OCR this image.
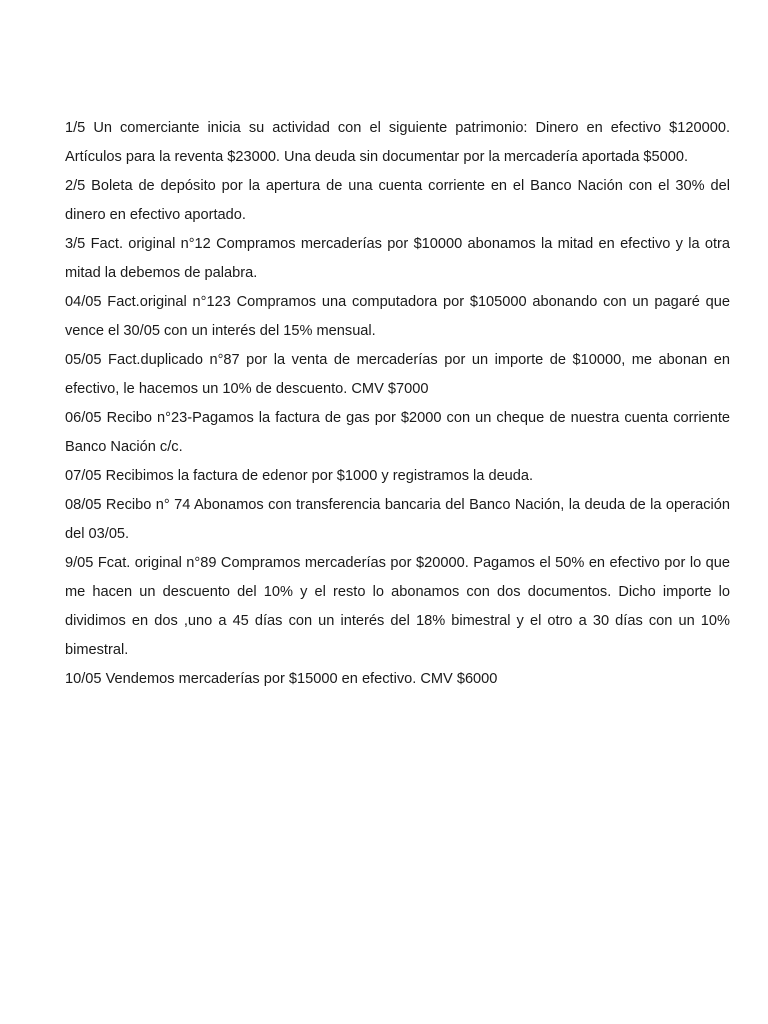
1/5 Un comerciante inicia su actividad con el siguiente patrimonio: Dinero en efectivo $120000. Artículos para la reventa $23000. Una deuda sin documentar por la mercadería aportada $5000.

2/5 Boleta de depósito por la apertura de una cuenta corriente en el Banco Nación con el 30% del dinero en efectivo aportado.

3/5 Fact. original n°12 Compramos mercaderías por $10000 abonamos la mitad en efectivo y la otra mitad la debemos de palabra.

04/05 Fact.original n°123 Compramos una computadora por $105000 abonando con un pagaré que vence el 30/05 con un interés del 15% mensual.

05/05 Fact.duplicado n°87 por la venta de mercaderías por un importe de $10000, me abonan en efectivo, le hacemos un 10% de descuento. CMV $7000

06/05 Recibo n°23-Pagamos la factura de gas por $2000 con un cheque de nuestra cuenta corriente Banco Nación c/c.

07/05 Recibimos la factura de edenor por $1000 y registramos la deuda.

08/05 Recibo n° 74 Abonamos con transferencia bancaria del Banco Nación, la deuda de la operación del 03/05.

9/05 Fcat. original n°89 Compramos mercaderías por $20000. Pagamos el 50% en efectivo por lo que me hacen un descuento del 10% y el resto lo abonamos con dos documentos. Dicho importe lo dividimos en dos ,uno a 45 días con un interés del 18% bimestral y el otro a 30 días con un 10% bimestral.

10/05 Vendemos mercaderías por $15000 en efectivo. CMV $6000
